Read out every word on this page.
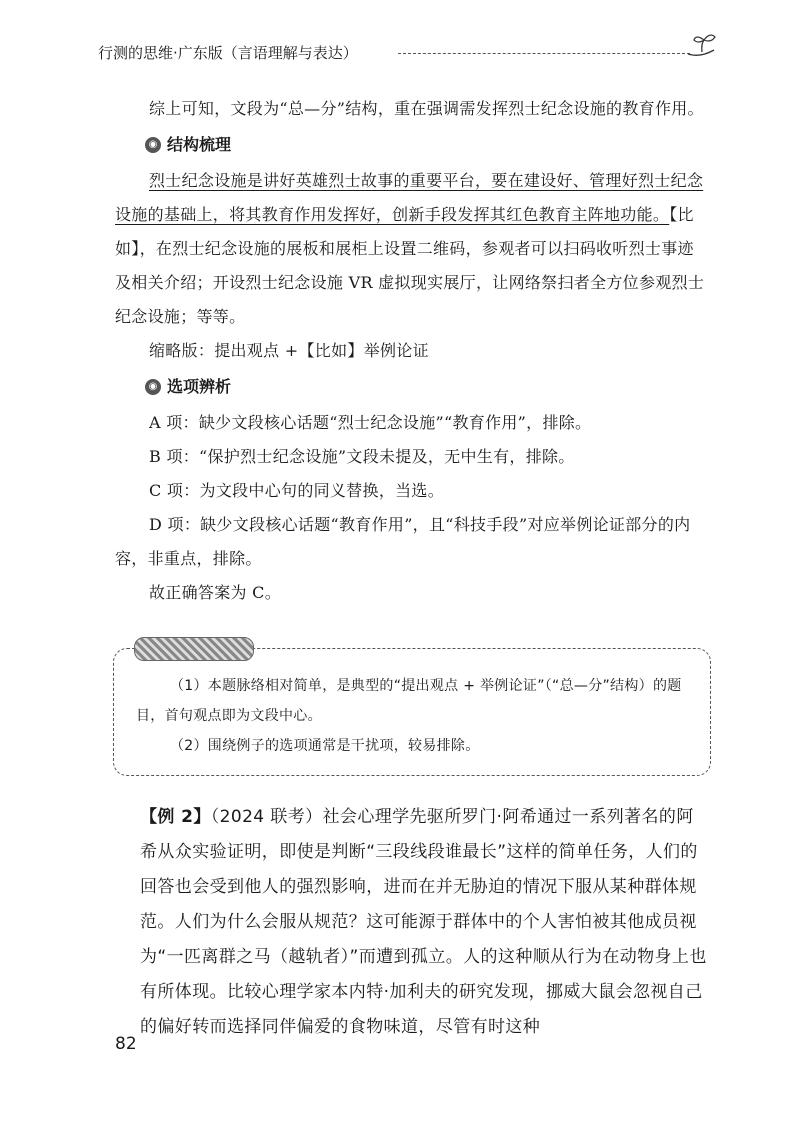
行测的思维·广东版（言语理解与表达）

综上可知，文段为“总—分”结构，重在强调需发挥烈士纪念设施的教育作用。

◉ 结构梳理

烈士纪念设施是讲好英雄烈士故事的重要平台，要在建设好、管理好烈士纪念设施的基础上，将其教育作用发挥好，创新手段发挥其红色教育主阵地功能。【比如】，在烈士纪念设施的展板和展柜上设置二维码，参观者可以扫码收听烈士事迹及相关介绍；开设烈士纪念设施 VR 虚拟现实展厅，让网络祭扫者全方位参观烈士纪念设施；等等。

缩略版：提出观点 +【比如】举例论证

◉ 选项辨析

A 项：缺少文段核心话题“烈士纪念设施”“教育作用”，排除。

B 项：“保护烈士纪念设施”文段未提及，无中生有，排除。

C 项：为文段中心句的同义替换，当选。

D 项：缺少文段核心话题“教育作用”，且“科技手段”对应举例论证部分的内容，非重点，排除。

故正确答案为 C。

（1）本题脉络相对简单，是典型的“提出观点 + 举例论证”（“总—分”结构）的题目，首句观点即为文段中心。

（2）围绕例子的选项通常是干扰项，较易排除。

【例 2】（2024 联考）社会心理学先驱所罗门·阿希通过一系列著名的阿希从众实验证明，即使是判断“三段线段谁最长”这样的简单任务，人们的回答也会受到他人的强烈影响，进而在并无胁迫的情况下服从某种群体规范。人们为什么会服从规范？这可能源于群体中的个人害怕被其他成员视为“一匹离群之马（越轨者）”而遭到孤立。人的这种顺从行为在动物身上也有所体现。比较心理学家本内特·加利夫的研究发现，挪威大鼠会忽视自己的偏好转而选择同伴偏爱的食物味道，尽管有时这种

82
